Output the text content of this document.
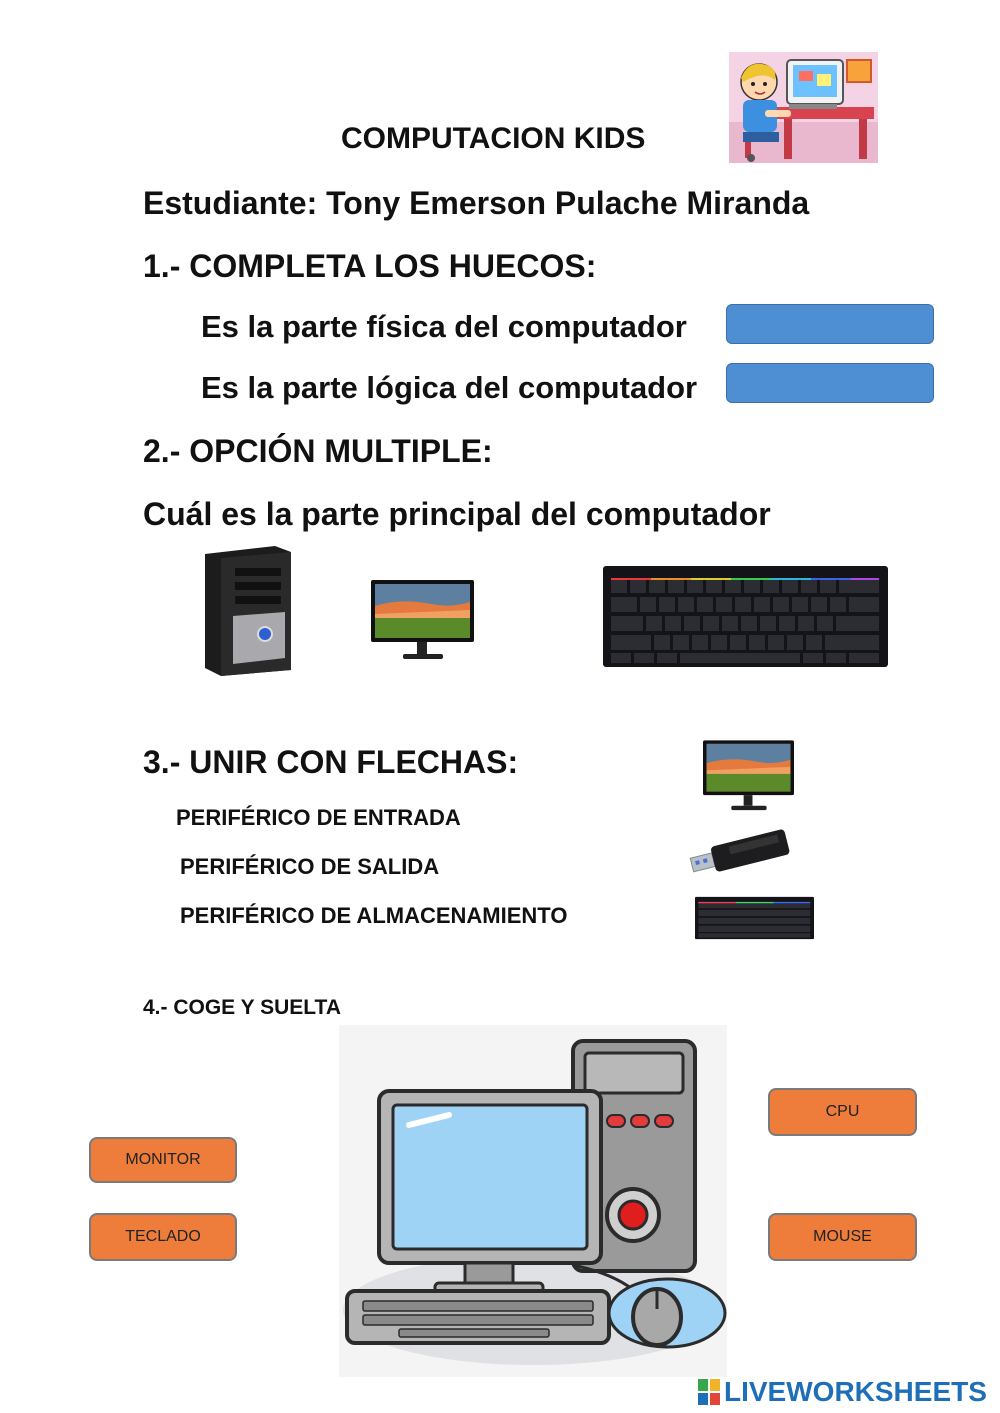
COMPUTACION KIDS
Estudiante: Tony Emerson Pulache Miranda
1.- COMPLETA LOS HUECOS:
Es la parte física del computador
Es la parte lógica del computador
2.- OPCIÓN MULTIPLE:
Cuál es la parte principal del computador
3.- UNIR CON FLECHAS:
PERIFÉRICO DE ENTRADA
PERIFÉRICO DE SALIDA
PERIFÉRICO DE ALMACENAMIENTO
4.- COGE Y SUELTA
MONITOR
TECLADO
CPU
MOUSE
LIVEWORKSHEETS
